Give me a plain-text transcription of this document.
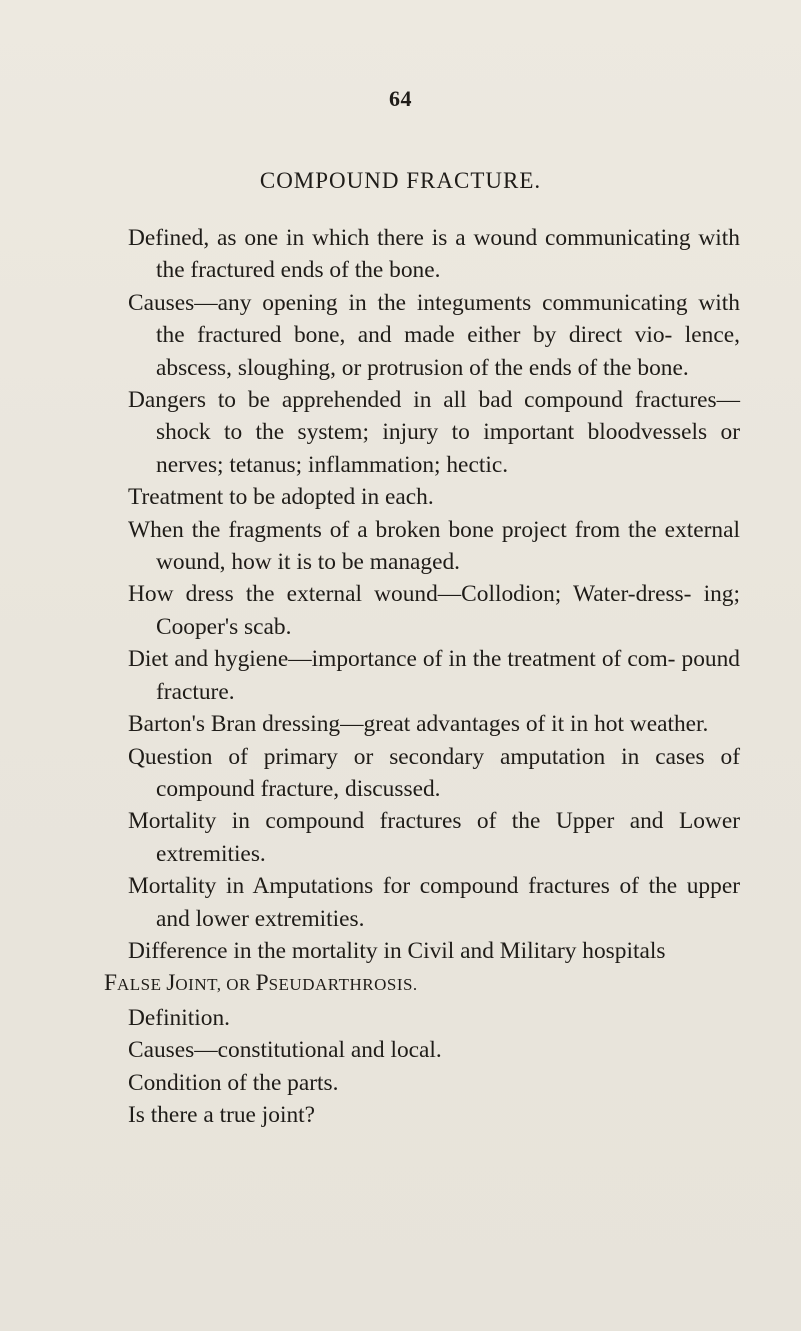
64
COMPOUND FRACTURE.

Defined, as one in which there is a wound communicating with the fractured ends of the bone.

Causes—any opening in the integuments communicating with the fractured bone, and made either by direct vio- lence, abscess, sloughing, or protrusion of the ends of the bone.

Dangers to be apprehended in all bad compound fractures— shock to the system; injury to important bloodvessels or nerves; tetanus; inflammation; hectic.

Treatment to be adopted in each.

When the fragments of a broken bone project from the external wound, how it is to be managed.

How dress the external wound—Collodion; Water-dress- ing; Cooper's scab.

Diet and hygiene—importance of in the treatment of com- pound fracture.

Barton's Bran dressing—great advantages of it in hot weather.

Question of primary or secondary amputation in cases of compound fracture, discussed.

Mortality in compound fractures of the Upper and Lower extremities.

Mortality in Amputations for compound fractures of the upper and lower extremities.

Difference in the mortality in Civil and Military hospitals

FALSE JOINT, OR PSEUDARTHROSIS.

Definition.

Causes—constitutional and local.

Condition of the parts.

Is there a true joint?
